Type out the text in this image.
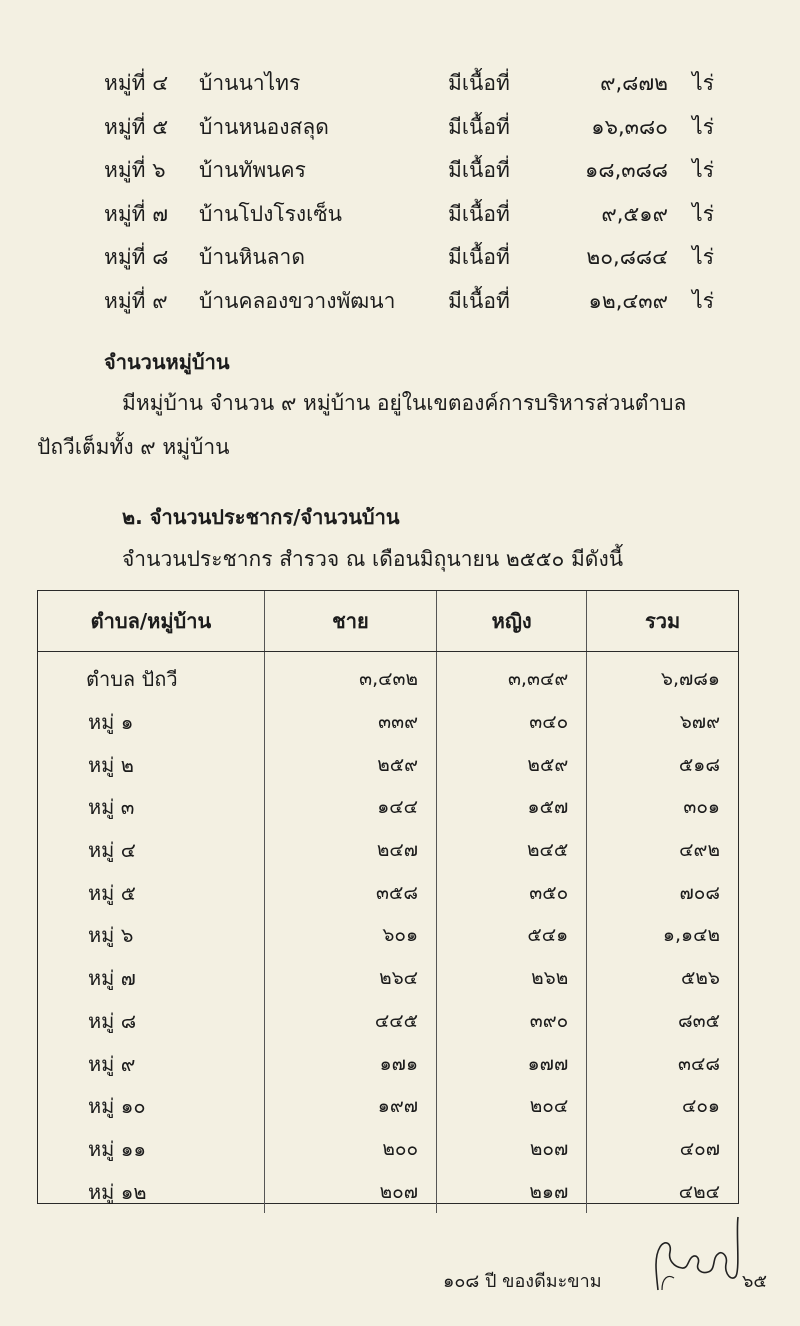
หมู่ที่ ๔ บ้านนาไทร	มีเนื้อที่	๙,๘๗๒ ไร่
หมู่ที่ ๕ บ้านหนองสลุด	มีเนื้อที่	๑๖,๓๘๐ ไร่
หมู่ที่ ๖ บ้านทัพนคร	มีเนื้อที่	๑๘,๓๘๘ ไร่
หมู่ที่ ๗ บ้านโปงโรงเซ็น	มีเนื้อที่	๙,๕๑๙ ไร่
หมู่ที่ ๘ บ้านหินลาด	มีเนื้อที่	๒๐,๘๘๔ ไร่
หมู่ที่ ๙ บ้านคลองขวางพัฒนา	มีเนื้อที่	๑๒,๔๓๙ ไร่
จำนวนหมู่บ้าน
มีหมู่บ้าน จำนวน ๙ หมู่บ้าน อยู่ในเขตองค์การบริหารส่วนตำบล
ปัถวีเต็มทั้ง ๙ หมู่บ้าน
๒. จำนวนประชากร/จำนวนบ้าน
จำนวนประชากร สำรวจ ณ เดือนมิถุนายน ๒๕๕๐ มีดังนี้
ตำบล/หมู่บ้าน	ชาย	หญิง	รวม
ตำบล ปัถวี	๓,๔๓๒	๓,๓๔๙	๖,๗๘๑
หมู่ ๑	๓๓๙	๓๔๐	๖๗๙
หมู่ ๒	๒๕๙	๒๕๙	๕๑๘
หมู่ ๓	๑๔๔	๑๕๗	๓๐๑
หมู่ ๔	๒๔๗	๒๔๕	๔๙๒
หมู่ ๕	๓๕๘	๓๕๐	๗๐๘
หมู่ ๖	๖๐๑	๕๔๑	๑,๑๔๒
หมู่ ๗	๒๖๔	๒๖๒	๕๒๖
หมู่ ๘	๔๔๕	๓๙๐	๘๓๕
หมู่ ๙	๑๗๑	๑๗๗	๓๔๘
หมู่ ๑๐	๑๙๗	๒๐๔	๔๐๑
หมู่ ๑๑	๒๐๐	๒๐๗	๔๐๗
หมู่ ๑๒	๒๐๗	๒๑๗	๔๒๔
๑๐๘ ปี ของดีมะขาม	๖๕
